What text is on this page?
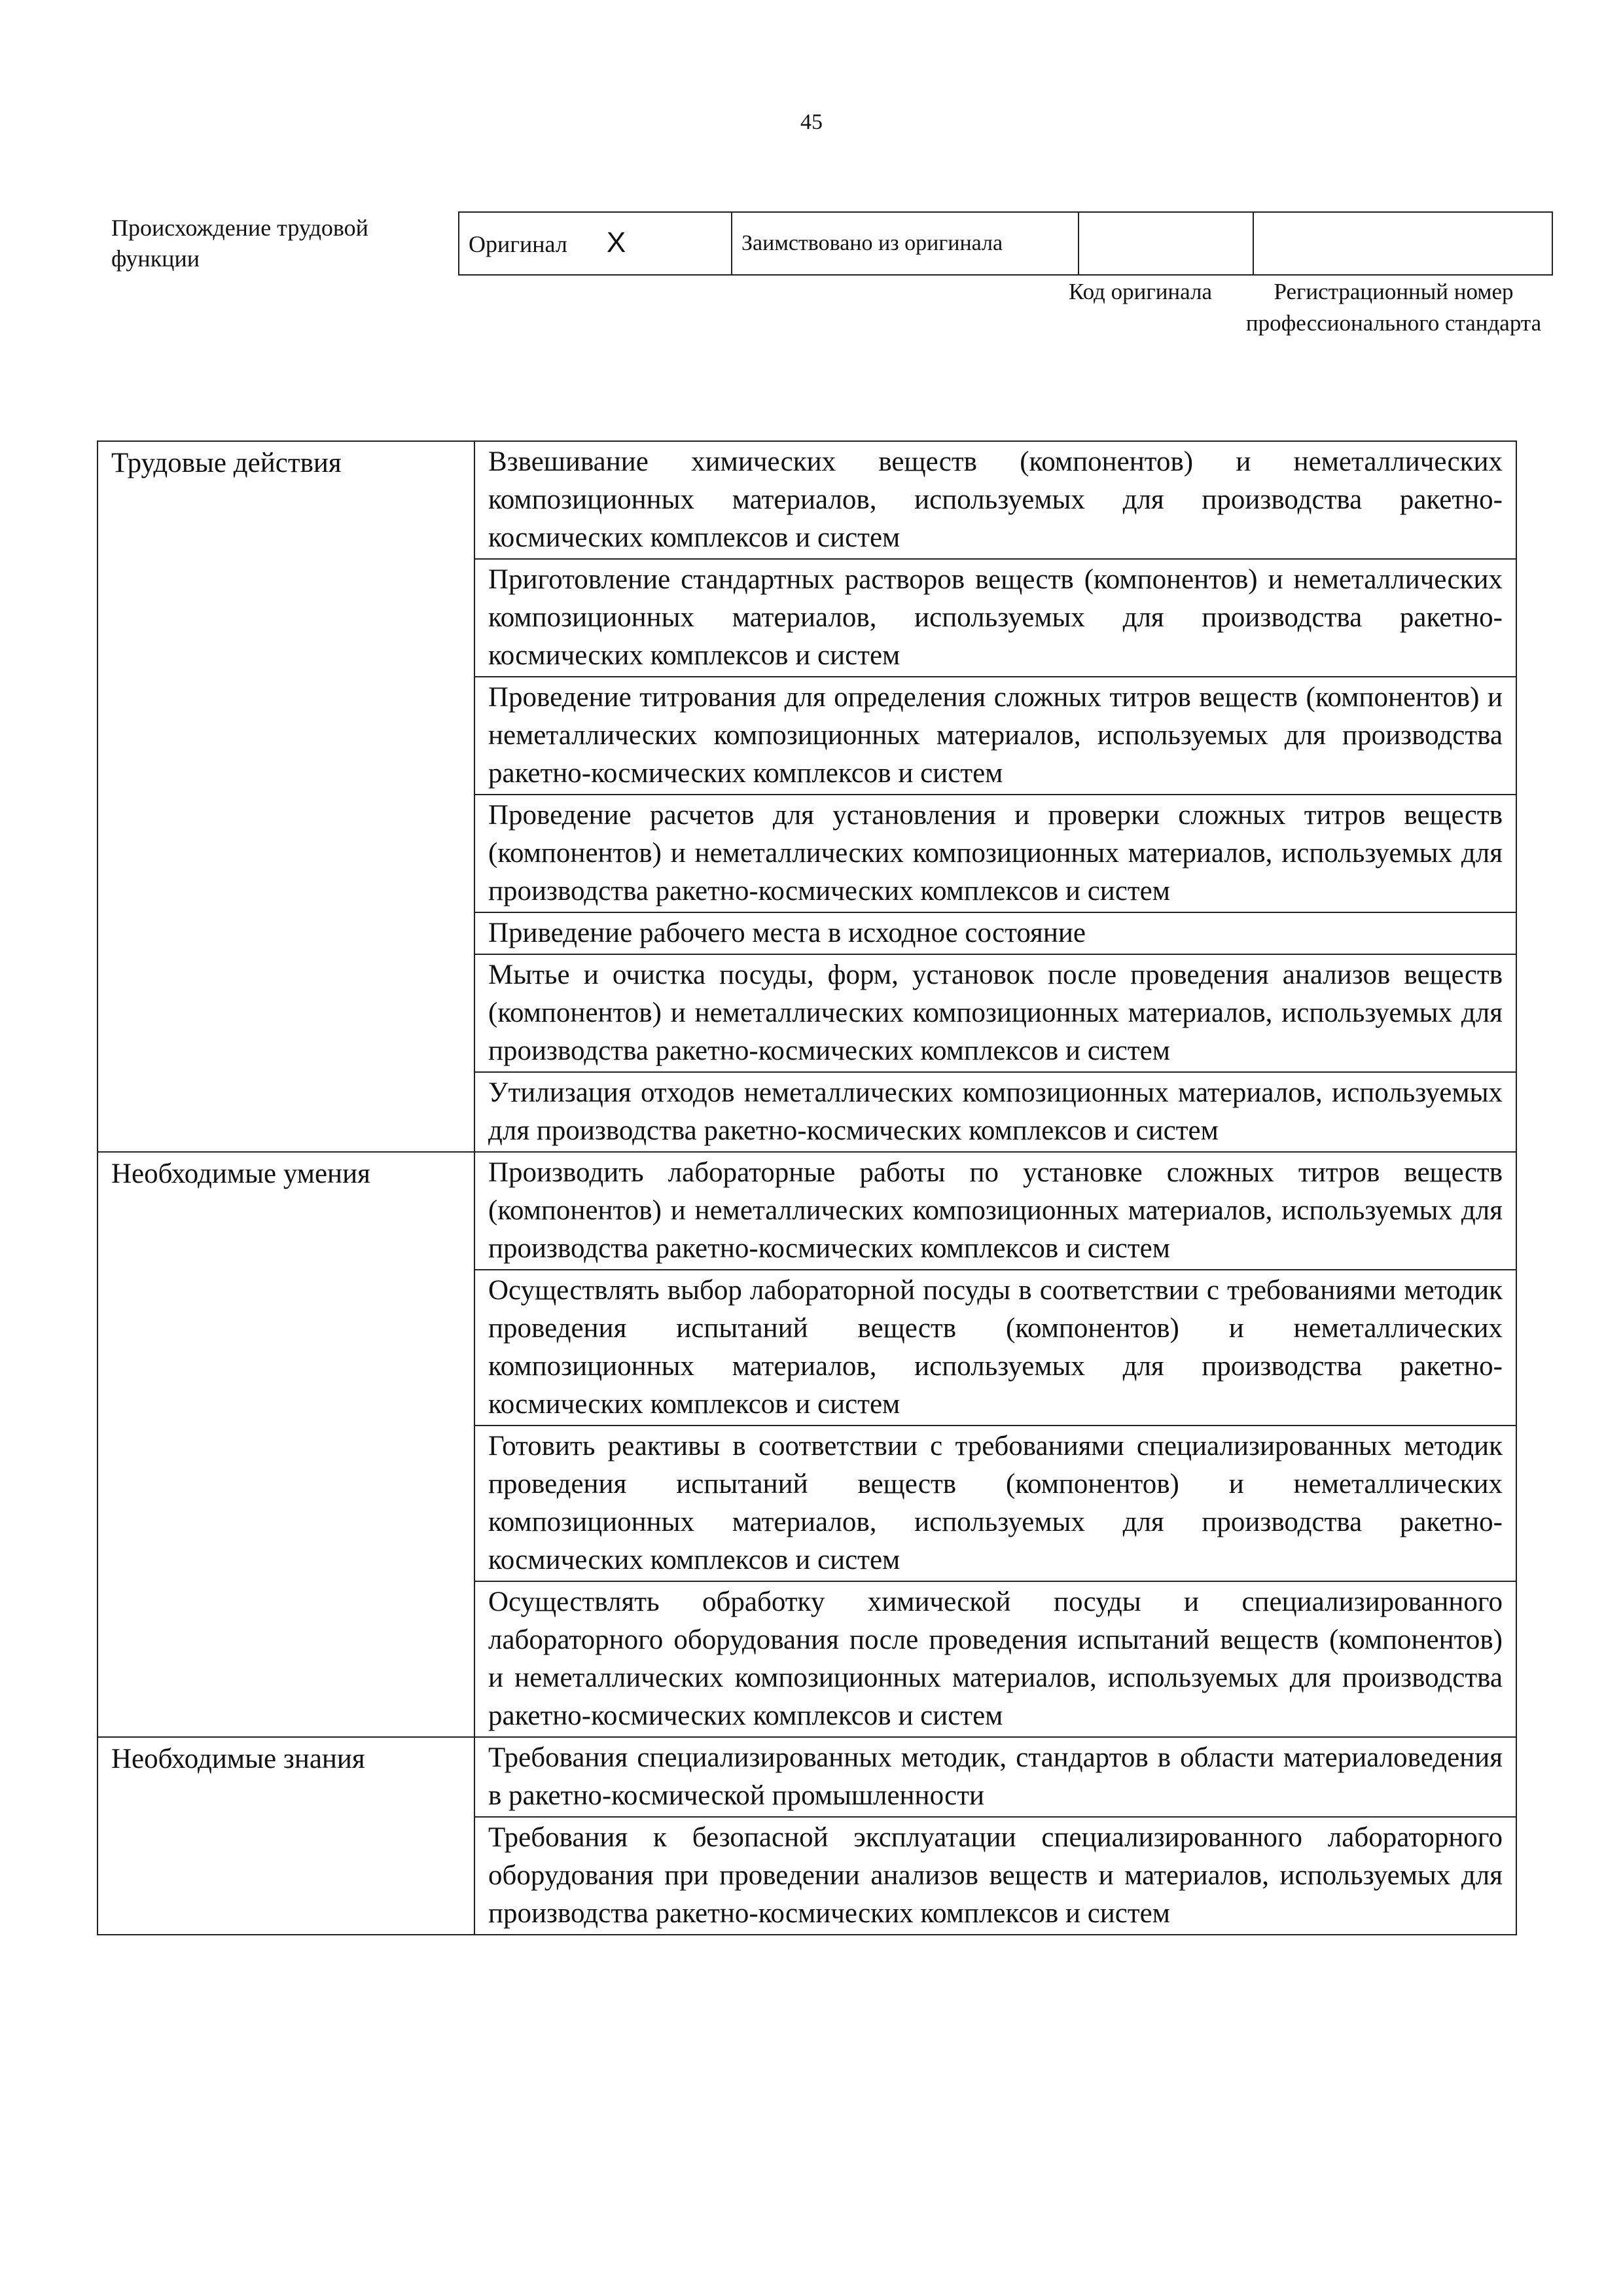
45
Происхождение трудовой функции
Оригинал X	Заимствовано из оригинала		
Код оригинала	Регистрационный номер профессионального стандарта
Трудовые действия	Взвешивание химических веществ (компонентов) и неметаллических композиционных материалов, используемых для производства ракетно-космических комплексов и систем
	Приготовление стандартных растворов веществ (компонентов) и неметаллических композиционных материалов, используемых для производства ракетно-космических комплексов и систем
	Проведение титрования для определения сложных титров веществ (компонентов) и неметаллических композиционных материалов, используемых для производства ракетно-космических комплексов и систем
	Проведение расчетов для установления и проверки сложных титров веществ (компонентов) и неметаллических композиционных материалов, используемых для производства ракетно-космических комплексов и систем
	Приведение рабочего места в исходное состояние
	Мытье и очистка посуды, форм, установок после проведения анализов веществ (компонентов) и неметаллических композиционных материалов, используемых для производства ракетно-космических комплексов и систем
	Утилизация отходов неметаллических композиционных материалов, используемых для производства ракетно-космических комплексов и систем
Необходимые умения	Производить лабораторные работы по установке сложных титров веществ (компонентов) и неметаллических композиционных материалов, используемых для производства ракетно-космических комплексов и систем
	Осуществлять выбор лабораторной посуды в соответствии с требованиями методик проведения испытаний веществ (компонентов) и неметаллических композиционных материалов, используемых для производства ракетно-космических комплексов и систем
	Готовить реактивы в соответствии с требованиями специализированных методик проведения испытаний веществ (компонентов) и неметаллических композиционных материалов, используемых для производства ракетно-космических комплексов и систем
	Осуществлять обработку химической посуды и специализированного лабораторного оборудования после проведения испытаний веществ (компонентов) и неметаллических композиционных материалов, используемых для производства ракетно-космических комплексов и систем
Необходимые знания	Требования специализированных методик, стандартов в области материаловедения в ракетно-космической промышленности
	Требования к безопасной эксплуатации специализированного лабораторного оборудования при проведении анализов веществ и материалов, используемых для производства ракетно-космических комплексов и систем
